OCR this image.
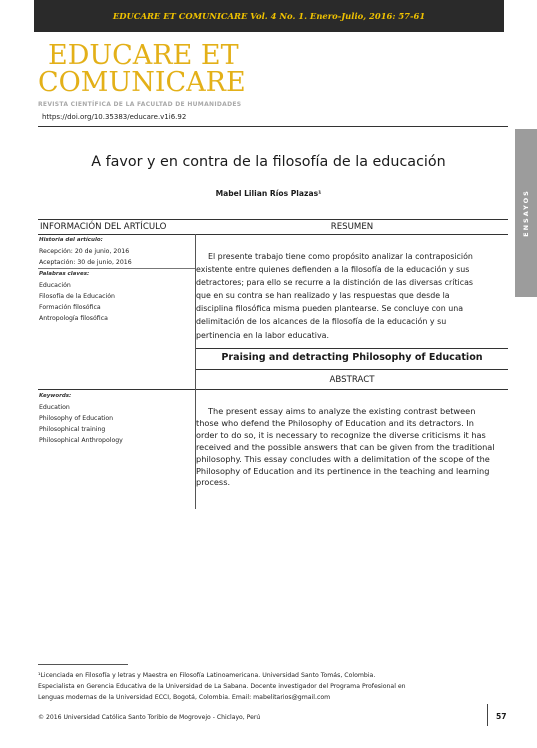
EDUCARE ET COMUNICARE Vol. 4 No. 1. Enero-Julio, 2016: 57-61
EDUCARE ET
COMUNICARE
REVISTA CIENTÍFICA DE LA FACULTAD DE HUMANIDADES
https://doi.org/10.35383/educare.v1i6.92
ENSAYOS
A favor y en contra de la filosofía de la educación
Mabel Lilian Ríos Plazas¹
INFORMACIÓN DEL ARTÍCULO	RESUMEN
Historia del artículo:
Recepción: 20 de junio, 2016
Aceptación: 30 de junio, 2016
Palabras claves:
Educación
Filosofía de la Educación
Formación filosófica
Antropología filosófica
El presente trabajo tiene como propósito analizar la contraposición
existente entre quienes defienden a la filosofía de la educación y sus
detractores; para ello se recurre a la distinción de las diversas críticas
que en su contra se han realizado y las respuestas que desde la
disciplina filosófica misma pueden plantearse. Se concluye con una
delimitación de los alcances de la filosofía de la educación y su
pertinencia en la labor educativa.
Praising and detracting Philosophy of Education
ABSTRACT
Keywords:
Education
Philosophy of Education
Philosophical training
Philosophical Anthropology
The present essay aims to analyze the existing contrast between
those who defend the Philosophy of Education and its detractors. In
order to do so, it is necessary to recognize the diverse criticisms it has
received and the possible answers that can be given from the traditional
philosophy. This essay concludes with a delimitation of the scope of the
Philosophy of Education and its pertinence in the teaching and learning
process.
¹Licenciada en Filosofía y letras y Maestra en Filosofía Latinoamericana. Universidad Santo Tomás, Colombia.
Especialista en Gerencia Educativa de la Universidad de La Sabana. Docente investigador del Programa Profesional en
Lenguas modernas de la Universidad ECCI, Bogotá, Colombia. Email: mabelitarios@gmail.com
© 2016 Universidad Católica Santo Toribio de Mogrovejo - Chiclayo, Perú	57
